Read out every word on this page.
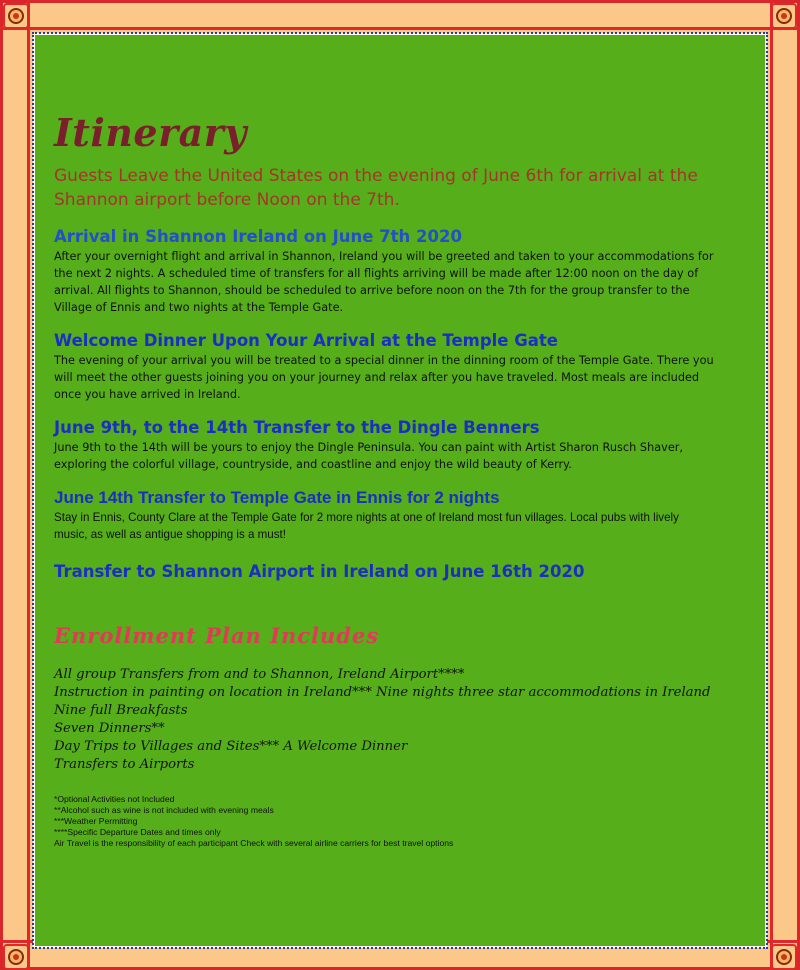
Itinerary

Guests Leave the United States on the evening of June 6th for arrival at the Shannon airport before Noon on the 7th.

Arrival in Shannon Ireland on June 7th 2020

After your overnight flight and arrival in Shannon, Ireland you will be greeted and taken to your accommodations for the next 2 nights. A scheduled time of transfers for all flights arriving will be made after 12:00 noon on the day of arrival. All flights to Shannon, should be scheduled to arrive before noon on the 7th for the group transfer to the Village of Ennis and two nights at the Temple Gate.

Welcome Dinner Upon Your Arrival at the Temple Gate

The evening of your arrival you will be treated to a special dinner in the dinning room of the Temple Gate. There you will meet the other guests joining you on your journey and relax after you have traveled. Most meals are included once you have arrived in Ireland.

June 9th, to the 14th Transfer to the Dingle Benners

June 9th to the 14th will be yours to enjoy the Dingle Peninsula. You can paint with Artist Sharon Rusch Shaver, exploring the colorful village, countryside, and coastline and enjoy the wild beauty of Kerry.

June 14th Transfer to Temple Gate in Ennis for 2 nights

Stay in Ennis, County Clare at the Temple Gate for 2 more nights at one of Ireland most fun villages. Local pubs with lively music, as well as antigue shopping is a must!

Transfer to Shannon Airport in Ireland on June 16th 2020
Enrollment Plan Includes
All group Transfers from and to Shannon, Ireland Airport****
Instruction in painting on location in Ireland*** Nine nights three star accommodations in Ireland Nine full Breakfasts
Seven Dinners**
Day Trips to Villages and Sites*** A Welcome Dinner
Transfers to Airports
*Optional Activities not Included
**Alcohol such as wine is not included with evening meals
***Weather Permitting
****Specific Departure Dates and times only
Air Travel is the responsibility of each participant Check with several airline carriers for best travel options
